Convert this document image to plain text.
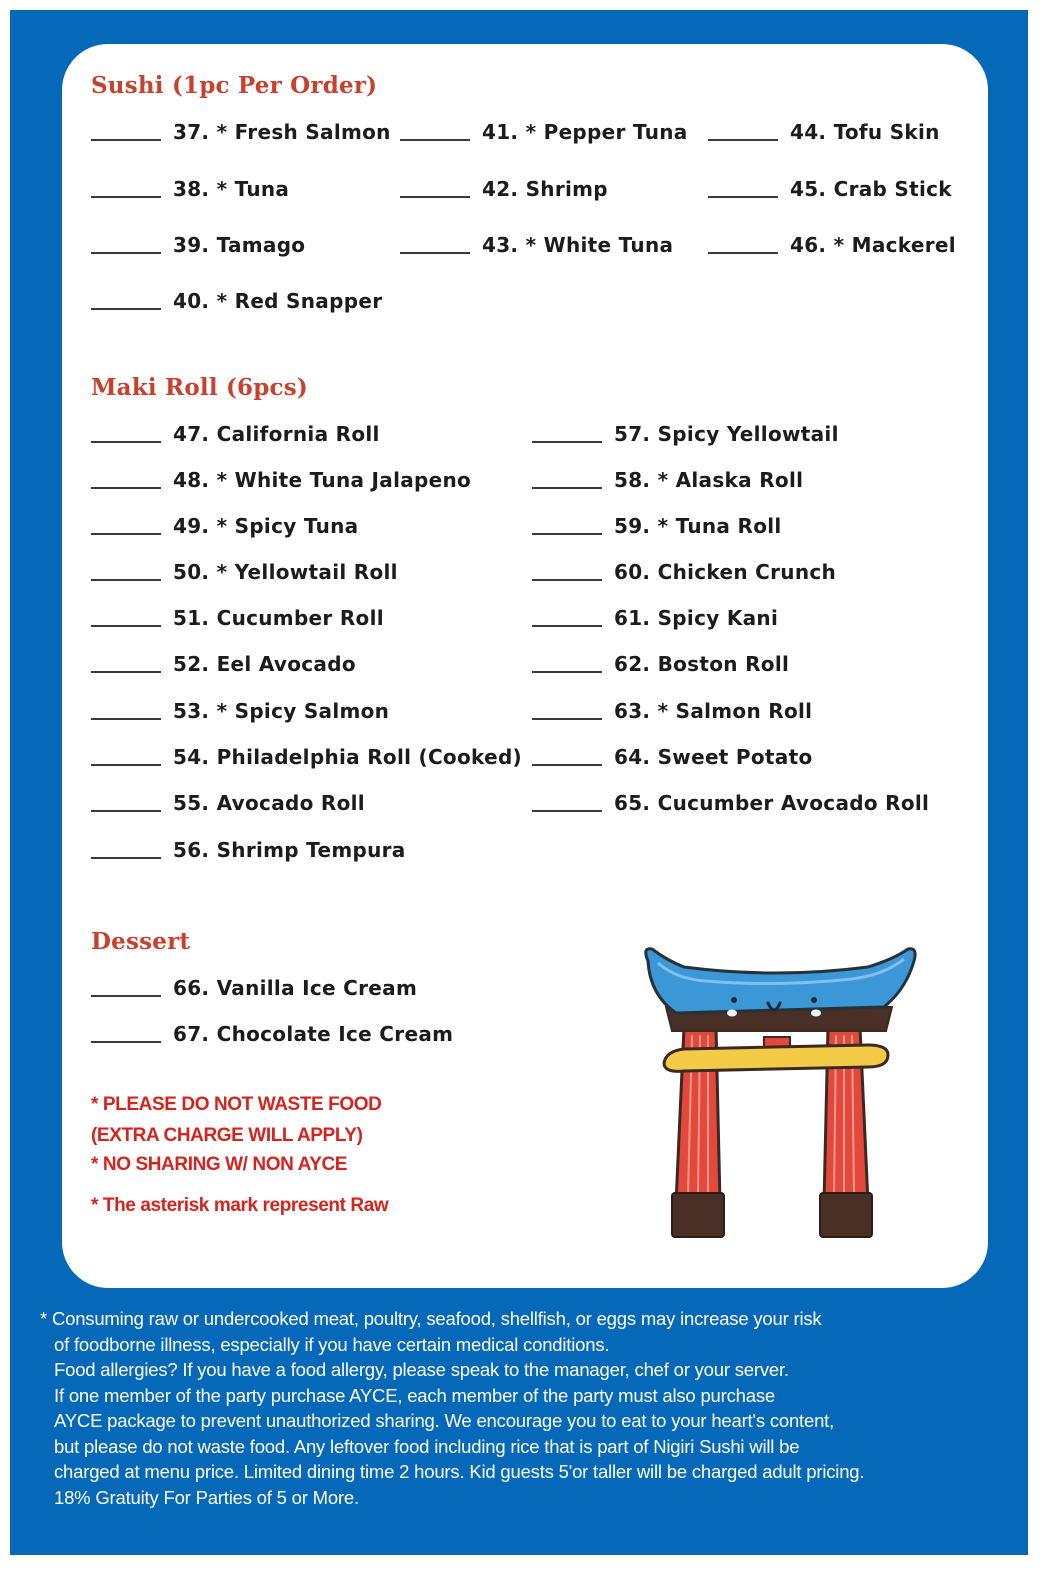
Sushi (1pc Per Order)
37. * Fresh Salmon
38. * Tuna
39. Tamago
40. * Red Snapper
41. * Pepper Tuna
42. Shrimp
43. * White Tuna
44. Tofu Skin
45. Crab Stick
46. * Mackerel
Maki Roll (6pcs)
47. California Roll
48. * White Tuna Jalapeno
49. * Spicy Tuna
50. * Yellowtail Roll
51. Cucumber Roll
52. Eel Avocado
53. * Spicy Salmon
54. Philadelphia Roll (Cooked)
55. Avocado Roll
56. Shrimp Tempura
57. Spicy Yellowtail
58. * Alaska Roll
59. * Tuna Roll
60. Chicken Crunch
61. Spicy Kani
62. Boston Roll
63. * Salmon Roll
64. Sweet Potato
65. Cucumber Avocado Roll
Dessert
66. Vanilla Ice Cream
67. Chocolate Ice Cream
* PLEASE DO NOT WASTE FOOD
(EXTRA CHARGE WILL APPLY)
* NO SHARING W/ NON AYCE
* The asterisk mark represent Raw

* Consuming raw or undercooked meat, poultry, seafood, shellfish, or eggs may increase your risk

of foodborne illness, especially if you have certain medical conditions.

Food allergies? If you have a food allergy, please speak to the manager, chef or your server.

If one member of the party purchase AYCE, each member of the party must also purchase

AYCE package to prevent unauthorized sharing. We encourage you to eat to your heart's content,

but please do not waste food. Any leftover food including rice that is part of Nigiri Sushi will be

charged at menu price. Limited dining time 2 hours. Kid guests 5'or taller will be charged adult pricing.

18% Gratuity For Parties of 5 or More.
